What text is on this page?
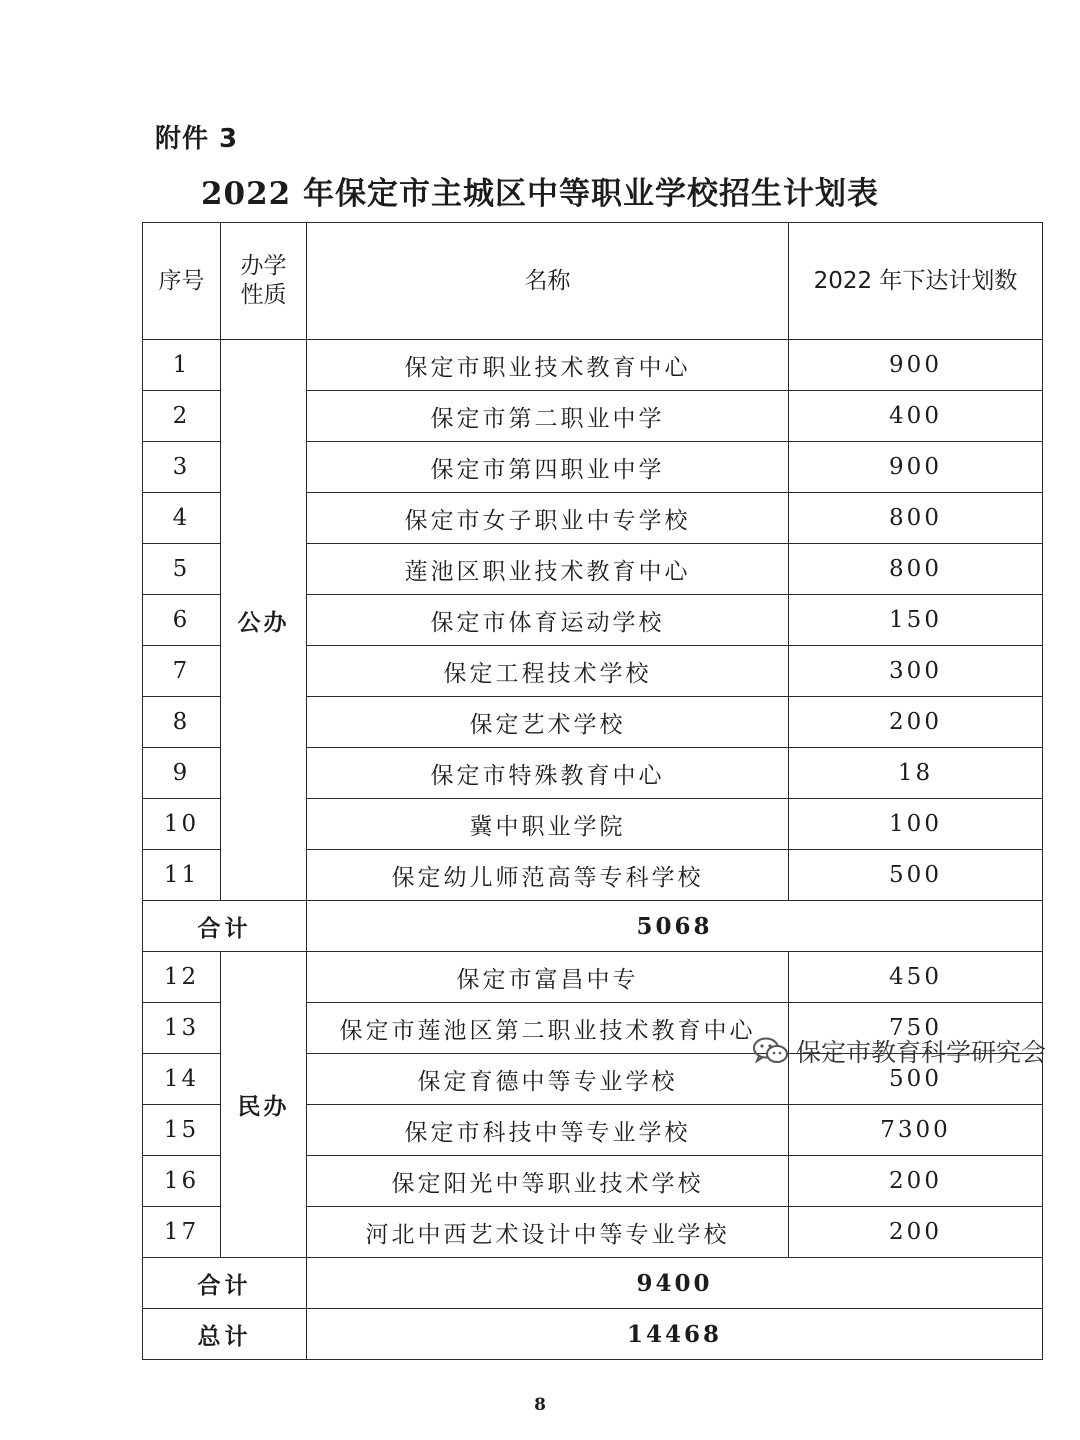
附件 3
2022 年保定市主城区中等职业学校招生计划表
序号	办学性质	名称	2022 年下达计划数
1	公办	保定市职业技术教育中心	900
2		保定市第二职业中学	400
3		保定市第四职业中学	900
4		保定市女子职业中专学校	800
5		莲池区职业技术教育中心	800
6		保定市体育运动学校	150
7		保定工程技术学校	300
8		保定艺术学校	200
9		保定市特殊教育中心	18
10		冀中职业学院	100
11		保定幼儿师范高等专科学校	500
合计		5068	
12	民办	保定市富昌中专	450
13		保定市莲池区第二职业技术教育中心	750
14		保定育德中等专业学校	500
15		保定市科技中等专业学校	7300
16		保定阳光中等职业技术学校	200
17		河北中西艺术设计中等专业学校	200
合计		9400	
总计		14468	
保定市教育科学研究会
8
